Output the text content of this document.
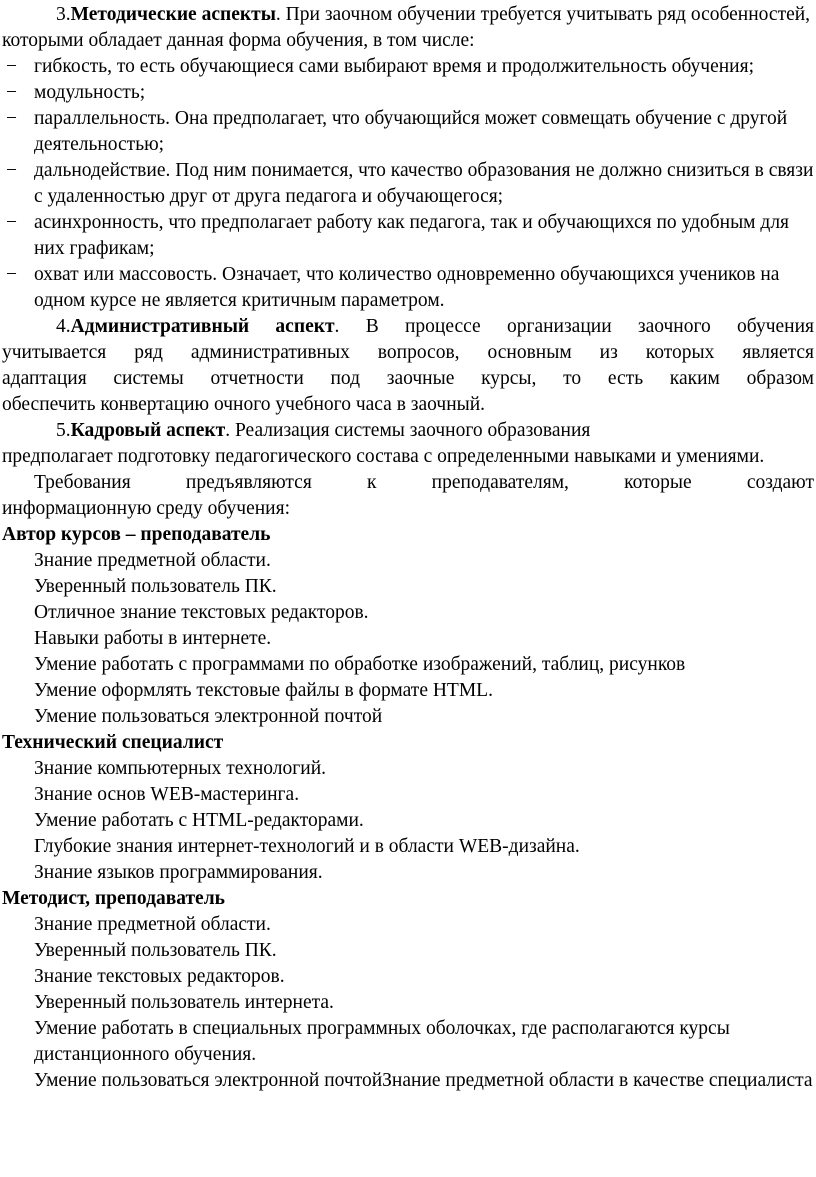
3.Методические аспекты. При заочном обучении требуется учитывать ряд особенностей, которыми обладает данная форма обучения, в том числе:

− гибкость, то есть обучающиеся сами выбирают время и продолжительность обучения;
− модульность;
− параллельность. Она предполагает, что обучающийся может совмещать обучение с другой деятельностью;
− дальнодействие. Под ним понимается, что качество образования не должно снизиться в связи с удаленностью друг от друга педагога и обучающегося;
− асинхронность, что предполагает работу как педагога, так и обучающихся по удобным для них графикам;
− охват или массовость. Означает, что количество одновременно обучающихся учеников на одном курсе не является критичным параметром.

4.Административный аспект. В процессе организации заочного обучения

учитывается ряд административных вопросов, основным из которых является

адаптация системы отчетности под заочные курсы, то есть каким образом

обеспечить конвертацию очного учебного часа в заочный.

5.Кадровый аспект. Реализация системы заочного образования

предполагает подготовку педагогического состава с определенными навыками и умениями.

Требования предъявляются к преподавателям, которые создают

информационную среду обучения:

Автор курсов – преподаватель

Знание предметной области.

Уверенный пользователь ПК.

Отличное знание текстовых редакторов.

Навыки работы в интернете.

Умение работать с программами по обработке изображений, таблиц, рисунков

Умение оформлять текстовые файлы в формате HTML.

Умение пользоваться электронной почтой

Технический специалист

Знание компьютерных технологий.

Знание основ WEB-мастеринга.

Умение работать с HTML-редакторами.

Глубокие знания интернет-технологий и в области WEB-дизайна.

Знание языков программирования.

Методист, преподаватель

Знание предметной области.

Уверенный пользователь ПК.

Знание текстовых редакторов.

Уверенный пользователь интернета.

Умение работать в специальных программных оболочках, где располагаются курсы дистанционного обучения.

Умение пользоваться электронной почтойЗнание предметной области в качестве специалиста
